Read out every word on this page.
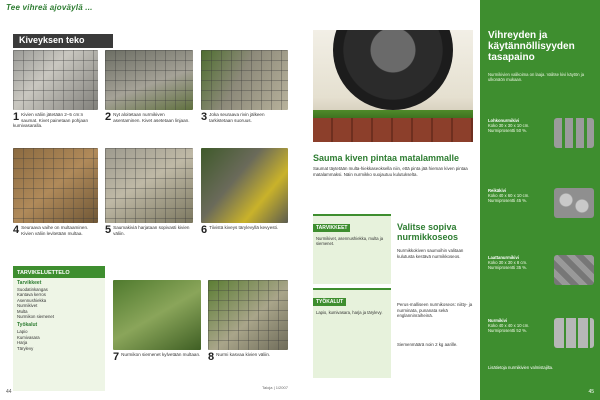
Tee vihreä ajoväylä ...
Kiveyksen teko
1 Kivien väliin jätetään 2–5 cm:n saumat. Kivet painetaan pohjaan kumivasaralla.
2 Nyt aloitetaan nurmikiven asentaminen. Kivet asetetaan linjaan.	3 Joka seuraava rivin jälkeen tarkistetaan suoruus.
4 Seuraava vaihe on multaaminen. Kivien väliin levitetään multaa.	5 Saumakiviä harjataan sopivasti kivien väliin.	6 Tiivistä kiveys tärylevyllä kevyesti.
7 Nurmikon siemenet kylvetään multaan. 8 Nurmi kasvaa kivien väliin.
TARVIKELUETTELO
Tarvikkeet
Suodatinkangas
Kantava kerros
Asennushiekka
Nurmikivet
Multa
Nurmikon siemenet
Työkalut
Lapio
Kumivasara
Harja
Tärylevy
44
Taloja | 1/2007
Sauma kiven pintaa matalammalle
Saumat täytetään multa-hiekkaseoksella niin, että pinta jää hieman kiven pintaa matalammaksi. Näin nurmikko suojautuu kulutukselta.
TARVIKKEET
Nurmikivet, asennushiekka, multa ja siemenet.
TYÖKALUT
Lapio, kumivasara, harja ja tärylevy.
Valitse sopiva nurmikkoseos
Nurmikkokiven saumoihin valitaan kulutusta kestävä nurmikkoseos.
Perus-malliseen nurmikoseos: niitty- ja nurminata, punanata sekä englanninraiheinä.
Siemenmäärä noin 2 kg aarille.
Vihreyden ja käytännöllisyyden tasapaino
Nurmikivien valikoima on laaja. Valitse kivi käytön ja ulkonäön mukaan.
Lohkonurmikivi
Koko 30 x 30 x 10 cm. Nurmiprosentti 50 %.
Reikäkivi
Koko 40 x 60 x 10 cm. Nurmiprosentti 45 %.
Laattanurmikivi
Koko 30 x 30 x 8 cm. Nurmiprosentti 35 %.
Nurmikivi
Koko 40 x 40 x 10 cm. Nurmiprosentti 52 %.
Lisätietoja nurmikivien valmistajilta.
45
